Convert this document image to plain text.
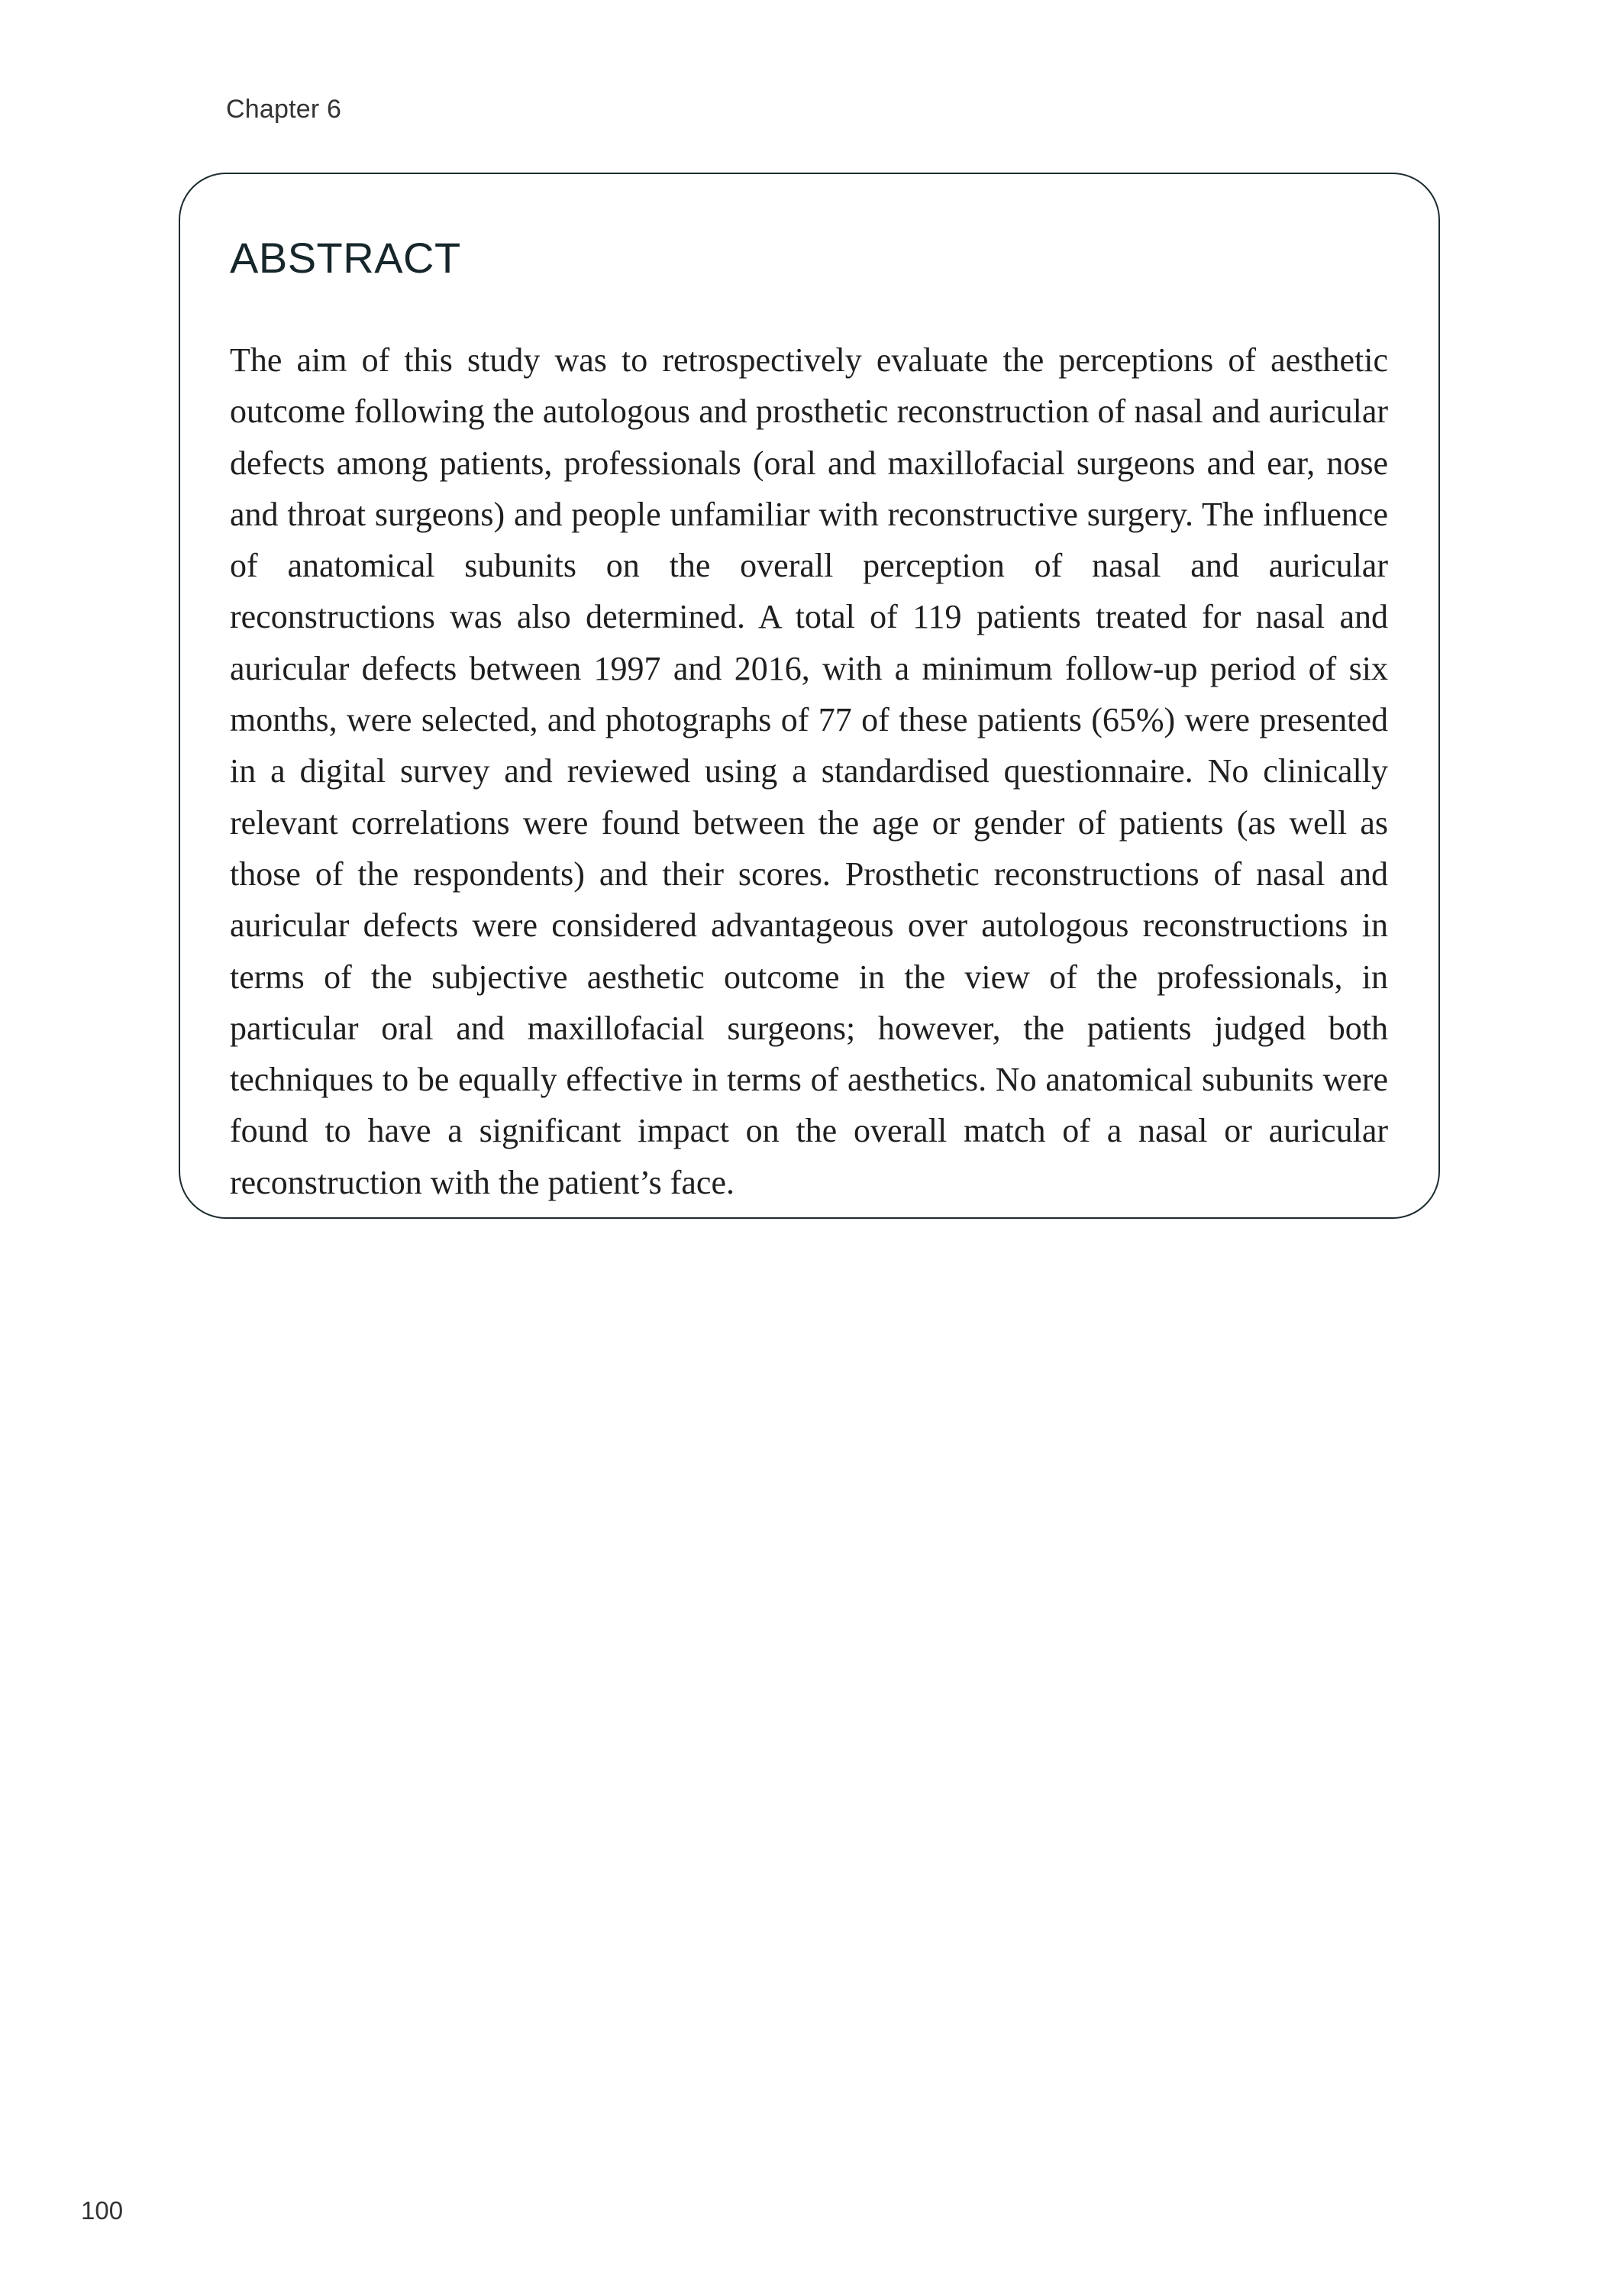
Chapter 6
ABSTRACT

The aim of this study was to retrospectively evaluate the perceptions of aesthetic outcome following the autologous and prosthetic reconstruction of nasal and auricular defects among patients, professionals (oral and maxillofacial surgeons and ear, nose and throat surgeons) and people unfamiliar with reconstructive surgery. The influence of anatomical subunits on the overall perception of nasal and auricular reconstructions was also determined. A total of 119 patients treated for nasal and auricular defects between 1997 and 2016, with a minimum follow-up period of six months, were selected, and photographs of 77 of these patients (65%) were presented in a digital survey and reviewed using a standardised questionnaire. No clinically relevant correlations were found between the age or gender of patients (as well as those of the respondents) and their scores. Prosthetic reconstructions of nasal and auricular defects were considered advantageous over autologous reconstructions in terms of the subjective aesthetic outcome in the view of the professionals, in particular oral and maxillofacial surgeons; however, the patients judged both techniques to be equally effective in terms of aesthetics. No anatomical subunits were found to have a significant impact on the overall match of a nasal or auricular reconstruction with the patient’s face.

100
